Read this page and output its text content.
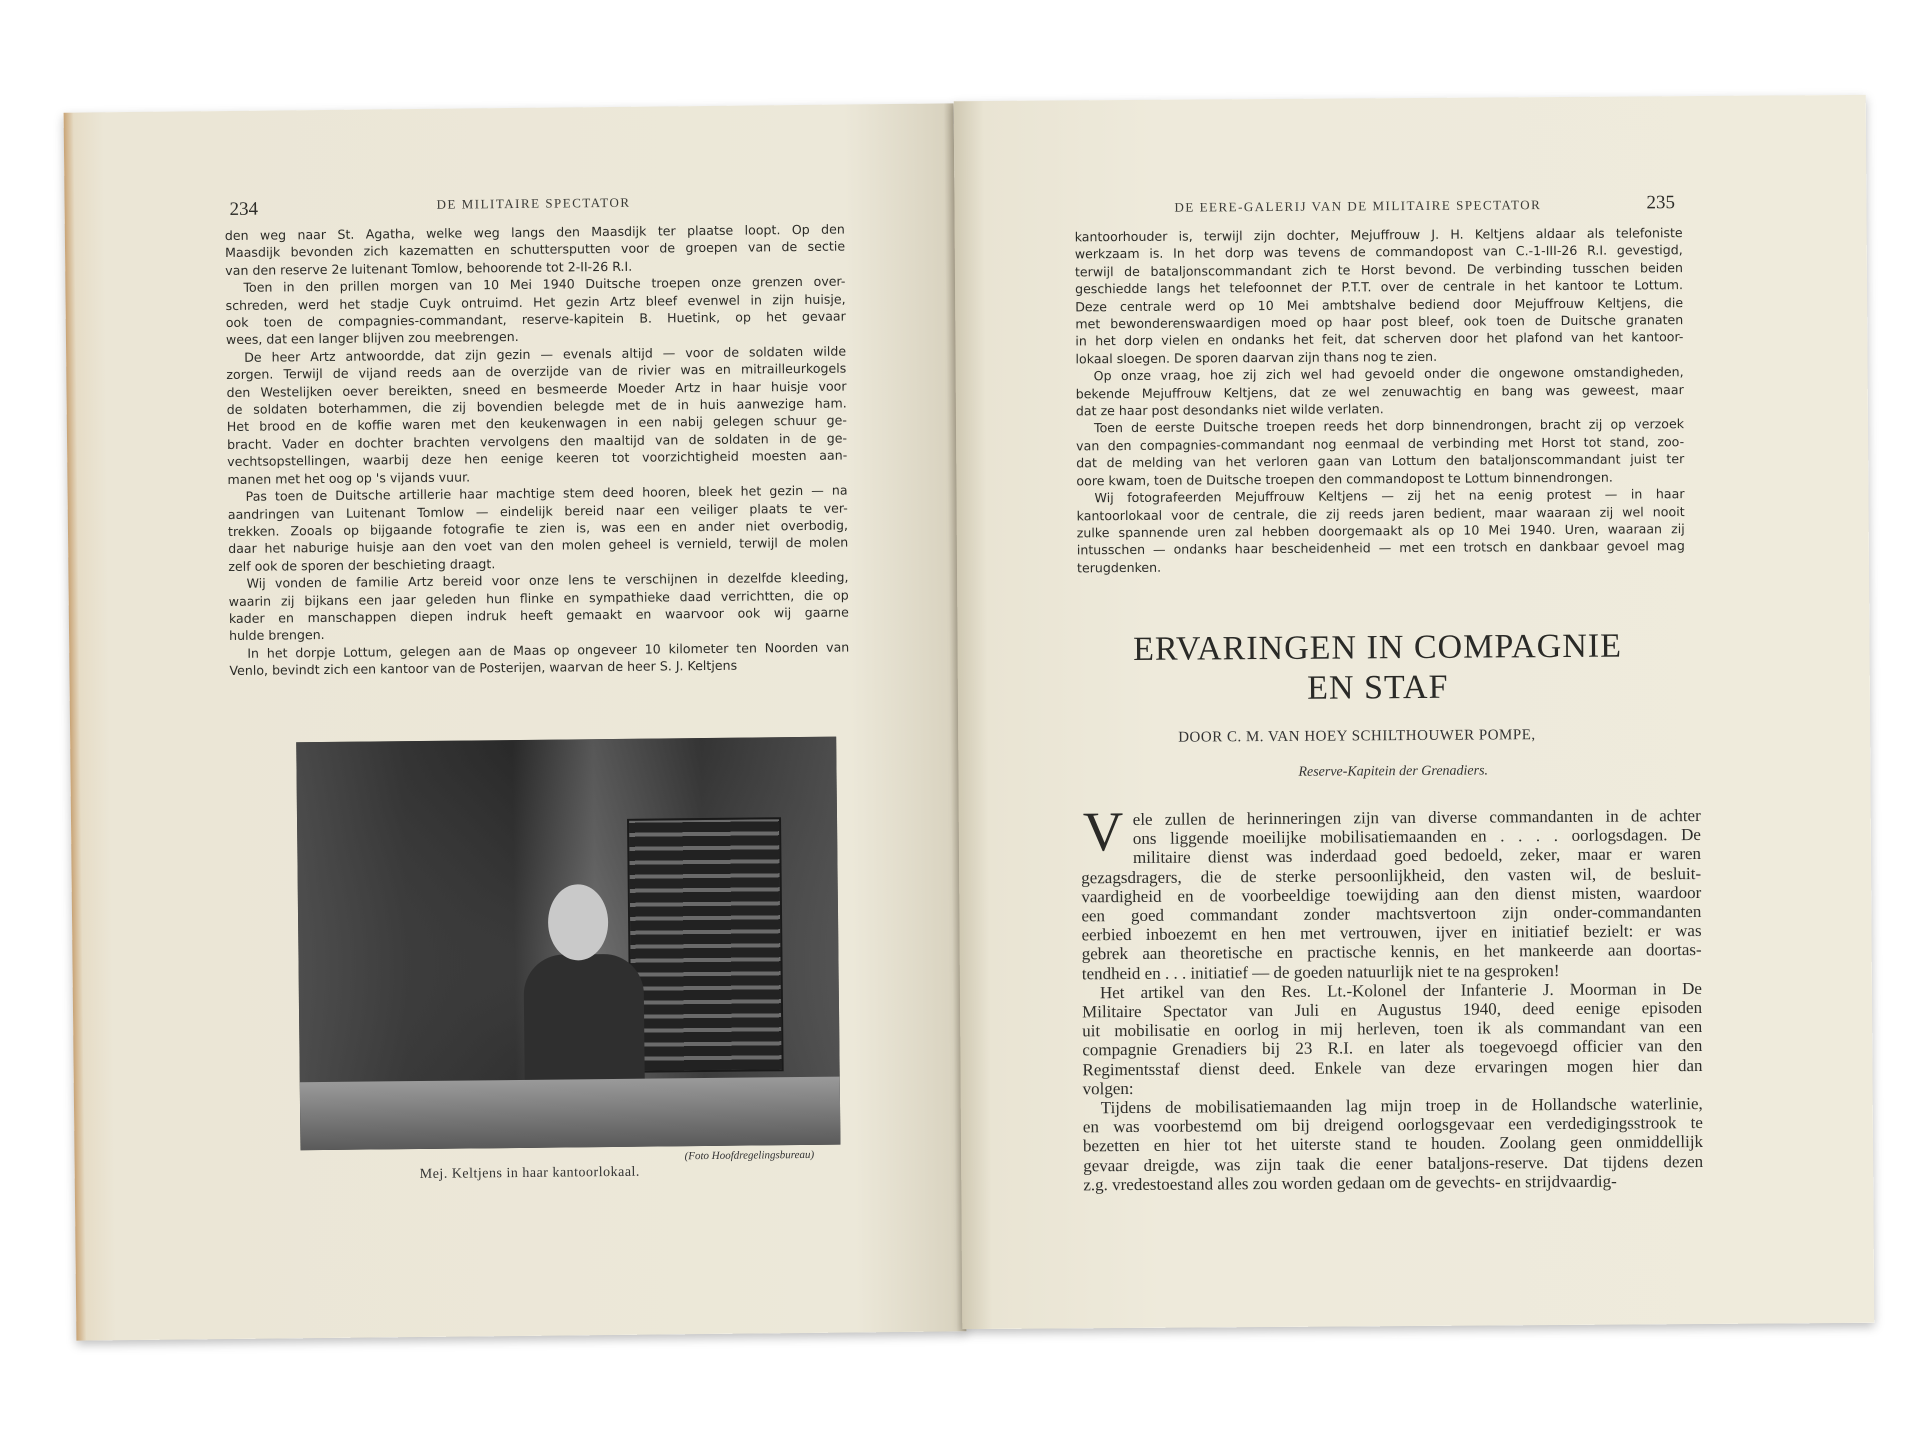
234	DE MILITAIRE SPECTATOR
den weg naar St. Agatha, welke weg langs den Maasdijk ter plaatse loopt. Op den
Maasdijk bevonden zich kazematten en schuttersputten voor de groepen van de sectie
van den reserve 2e luitenant Tomlow, behoorende tot 2-II-26 R.I.
Toen in den prillen morgen van 10 Mei 1940 Duitsche troepen onze grenzen over-
schreden, werd het stadje Cuyk ontruimd. Het gezin Artz bleef evenwel in zijn huisje,
ook toen de compagnies-commandant, reserve-kapitein B. Huetink, op het gevaar
wees, dat een langer blijven zou meebrengen.
De heer Artz antwoordde, dat zijn gezin — evenals altijd — voor de soldaten wilde
zorgen. Terwijl de vijand reeds aan de overzijde van de rivier was en mitrailleurkogels
den Westelijken oever bereikten, sneed en besmeerde Moeder Artz in haar huisje voor
de soldaten boterhammen, die zij bovendien belegde met de in huis aanwezige ham.
Het brood en de koffie waren met den keukenwagen in een nabij gelegen schuur ge-
bracht. Vader en dochter brachten vervolgens den maaltijd van de soldaten in de ge-
vechtsopstellingen, waarbij deze hen eenige keeren tot voorzichtigheid moesten aan-
manen met het oog op 's vijands vuur.
Pas toen de Duitsche artillerie haar machtige stem deed hooren, bleek het gezin — na
aandringen van Luitenant Tomlow — eindelijk bereid naar een veiliger plaats te ver-
trekken. Zooals op bijgaande fotografie te zien is, was een en ander niet overbodig,
daar het naburige huisje aan den voet van den molen geheel is vernield, terwijl de molen
zelf ook de sporen der beschieting draagt.
Wij vonden de familie Artz bereid voor onze lens te verschijnen in dezelfde kleeding,
waarin zij bijkans een jaar geleden hun flinke en sympathieke daad verrichtten, die op
kader en manschappen diepen indruk heeft gemaakt en waarvoor ook wij gaarne
hulde brengen.
In het dorpje Lottum, gelegen aan de Maas op ongeveer 10 kilometer ten Noorden van
Venlo, bevindt zich een kantoor van de Posterijen, waarvan de heer S. J. Keltjens
(Foto Hoofdregelingsbureau)
Mej. Keltjens in haar kantoorlokaal.
DE EERE-GALERIJ VAN DE MILITAIRE SPECTATOR	235
kantoorhouder is, terwijl zijn dochter, Mejuffrouw J. H. Keltjens aldaar als telefoniste
werkzaam is. In het dorp was tevens de commandopost van C.-1-III-26 R.I. gevestigd,
terwijl de bataljonscommandant zich te Horst bevond. De verbinding tusschen beiden
geschiedde langs het telefoonnet der P.T.T. over de centrale in het kantoor te Lottum.
Deze centrale werd op 10 Mei ambtshalve bediend door Mejuffrouw Keltjens, die
met bewonderenswaardigen moed op haar post bleef, ook toen de Duitsche granaten
in het dorp vielen en ondanks het feit, dat scherven door het plafond van het kantoor-
lokaal sloegen. De sporen daarvan zijn thans nog te zien.
Op onze vraag, hoe zij zich wel had gevoeld onder die ongewone omstandigheden,
bekende Mejuffrouw Keltjens, dat ze wel zenuwachtig en bang was geweest, maar
dat ze haar post desondanks niet wilde verlaten.
Toen de eerste Duitsche troepen reeds het dorp binnendrongen, bracht zij op verzoek
van den compagnies-commandant nog eenmaal de verbinding met Horst tot stand, zoo-
dat de melding van het verloren gaan van Lottum den bataljonscommandant juist ter
oore kwam, toen de Duitsche troepen den commandopost te Lottum binnendrongen.
Wij fotografeerden Mejuffrouw Keltjens — zij het na eenig protest — in haar
kantoorlokaal voor de centrale, die zij reeds jaren bedient, maar waaraan zij wel nooit
zulke spannende uren zal hebben doorgemaakt als op 10 Mei 1940. Uren, waaraan zij
intusschen — ondanks haar bescheidenheid — met een trotsch en dankbaar gevoel mag
terugdenken.
ERVARINGEN IN COMPAGNIE
EN STAF
DOOR C. M. VAN HOEY SCHILTHOUWER POMPE,
Reserve-Kapitein der Grenadiers.
V ele zullen de herinneringen zijn van diverse commandanten in de achter
ons liggende moeilijke mobilisatiemaanden en . . . . oorlogsdagen. De
militaire dienst was inderdaad goed bedoeld, zeker, maar er waren
gezagsdragers, die de sterke persoonlijkheid, den vasten wil, de besluit-
vaardigheid en de voorbeeldige toewijding aan den dienst misten, waardoor
een goed commandant zonder machtsvertoon zijn onder-commandanten
eerbied inboezemt en hen met vertrouwen, ijver en initiatief bezielt: er was
gebrek aan theoretische en practische kennis, en het mankeerde aan doortas-
tendheid en . . . initiatief — de goeden natuurlijk niet te na gesproken!
Het artikel van den Res. Lt.-Kolonel der Infanterie J. Moorman in De
Militaire Spectator van Juli en Augustus 1940, deed eenige episoden
uit mobilisatie en oorlog in mij herleven, toen ik als commandant van een
compagnie Grenadiers bij 23 R.I. en later als toegevoegd officier van den
Regimentsstaf dienst deed. Enkele van deze ervaringen mogen hier dan
volgen:
Tijdens de mobilisatiemaanden lag mijn troep in de Hollandsche waterlinie,
en was voorbestemd om bij dreigend oorlogsgevaar een verdedigingsstrook te
bezetten en hier tot het uiterste stand te houden. Zoolang geen onmiddellijk
gevaar dreigde, was zijn taak die eener bataljons-reserve. Dat tijdens dezen
z.g. vredestoestand alles zou worden gedaan om de gevechts- en strijdvaardig-
